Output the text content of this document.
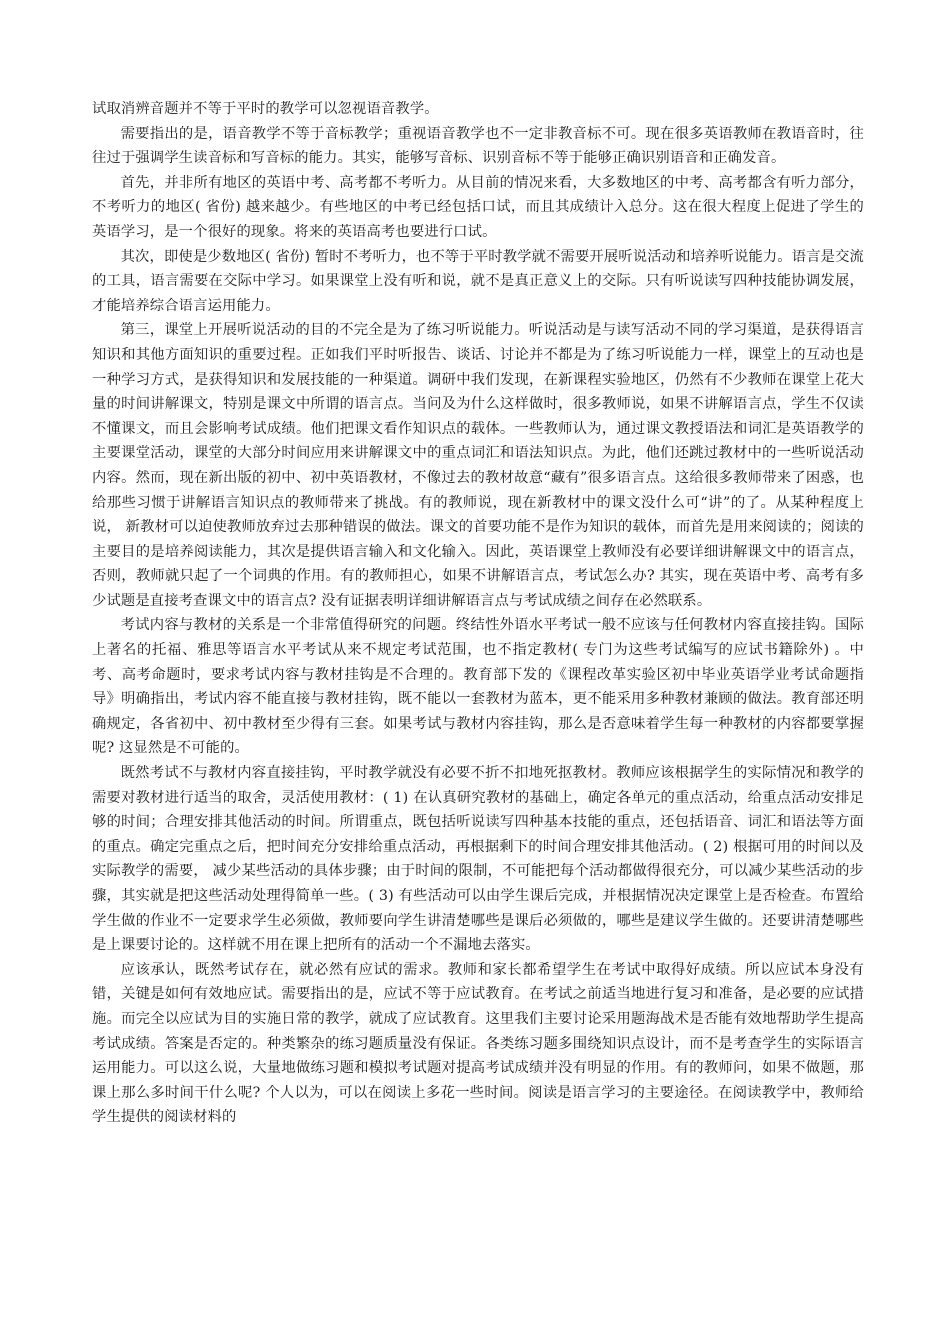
试取消辨音题并不等于平时的教学可以忽视语音教学。

需要指出的是，语音教学不等于音标教学；重视语音教学也不一定非教音标不可。现在很多英语教师在教语音时，往往过于强调学生读音标和写音标的能力。其实，能够写音标、识别音标不等于能够正确识别语音和正确发音。

首先，并非所有地区的英语中考、高考都不考听力。从目前的情况来看，大多数地区的中考、高考都含有听力部分，不考听力的地区( 省份) 越来越少。有些地区的中考已经包括口试，而且其成绩计入总分。这在很大程度上促进了学生的英语学习，是一个很好的现象。将来的英语高考也要进行口试。

其次，即使是少数地区( 省份) 暂时不考听力，也不等于平时教学就不需要开展听说活动和培养听说能力。语言是交流的工具，语言需要在交际中学习。如果课堂上没有听和说，就不是真正意义上的交际。只有听说读写四种技能协调发展， 才能培养综合语言运用能力。

第三，课堂上开展听说活动的目的不完全是为了练习听说能力。听说活动是与读写活动不同的学习渠道，是获得语言知识和其他方面知识的重要过程。正如我们平时听报告、谈话、讨论并不都是为了练习听说能力一样，课堂上的互动也是一种学习方式，是获得知识和发展技能的一种渠道。调研中我们发现，在新课程实验地区，仍然有不少教师在课堂上花大量的时间讲解课文，特别是课文中所谓的语言点。当问及为什么这样做时，很多教师说，如果不讲解语言点，学生不仅读不懂课文，而且会影响考试成绩。他们把课文看作知识点的载体。一些教师认为，通过课文教授语法和词汇是英语教学的主要课堂活动，课堂的大部分时间应用来讲解课文中的重点词汇和语法知识点。为此，他们还跳过教材中的一些听说活动内容。然而，现在新出版的初中、初中英语教材，不像过去的教材故意“藏有”很多语言点。这给很多教师带来了困惑，也给那些习惯于讲解语言知识点的教师带来了挑战。有的教师说，现在新教材中的课文没什么可“讲”的了。从某种程度上说， 新教材可以迫使教师放弃过去那种错误的做法。课文的首要功能不是作为知识的载体，而首先是用来阅读的；阅读的主要目的是培养阅读能力，其次是提供语言输入和文化输入。因此，英语课堂上教师没有必要详细讲解课文中的语言点，否则，教师就只起了一个词典的作用。有的教师担心，如果不讲解语言点，考试怎么办? 其实，现在英语中考、高考有多少试题是直接考查课文中的语言点? 没有证据表明详细讲解语言点与考试成绩之间存在必然联系。

考试内容与教材的关系是一个非常值得研究的问题。终结性外语水平考试一般不应该与任何教材内容直接挂钩。国际上著名的托福、雅思等语言水平考试从来不规定考试范围，也不指定教材( 专门为这些考试编写的应试书籍除外) 。中考、高考命题时，要求考试内容与教材挂钩是不合理的。教育部下发的《课程改革实验区初中毕业英语学业考试命题指导》明确指出，考试内容不能直接与教材挂钩，既不能以一套教材为蓝本，更不能采用多种教材兼顾的做法。教育部还明确规定，各省初中、初中教材至少得有三套。如果考试与教材内容挂钩，那么是否意味着学生每一种教材的内容都要掌握呢? 这显然是不可能的。

既然考试不与教材内容直接挂钩，平时教学就没有必要不折不扣地死抠教材。教师应该根据学生的实际情况和教学的需要对教材进行适当的取舍，灵活使用教材：( 1) 在认真研究教材的基础上，确定各单元的重点活动，给重点活动安排足够的时间；合理安排其他活动的时间。所谓重点，既包括听说读写四种基本技能的重点，还包括语音、词汇和语法等方面的重点。确定完重点之后，把时间充分安排给重点活动，再根据剩下的时间合理安排其他活动。( 2) 根据可用的时间以及实际教学的需要， 减少某些活动的具体步骤；由于时间的限制，不可能把每个活动都做得很充分，可以减少某些活动的步骤，其实就是把这些活动处理得简单一些。( 3) 有些活动可以由学生课后完成，并根据情况决定课堂上是否检查。布置给学生做的作业不一定要求学生必须做，教师要向学生讲清楚哪些是课后必须做的，哪些是建议学生做的。还要讲清楚哪些是上课要讨论的。这样就不用在课上把所有的活动一个不漏地去落实。

应该承认，既然考试存在，就必然有应试的需求。教师和家长都希望学生在考试中取得好成绩。所以应试本身没有错，关键是如何有效地应试。需要指出的是，应试不等于应试教育。在考试之前适当地进行复习和准备，是必要的应试措施。而完全以应试为目的实施日常的教学，就成了应试教育。这里我们主要讨论采用题海战术是否能有效地帮助学生提高考试成绩。答案是否定的。种类繁杂的练习题质量没有保证。各类练习题多围绕知识点设计，而不是考查学生的实际语言运用能力。可以这么说，大量地做练习题和模拟考试题对提高考试成绩并没有明显的作用。有的教师问，如果不做题，那课上那么多时间干什么呢? 个人以为，可以在阅读上多花一些时间。阅读是语言学习的主要途径。在阅读教学中，教师给学生提供的阅读材料的
